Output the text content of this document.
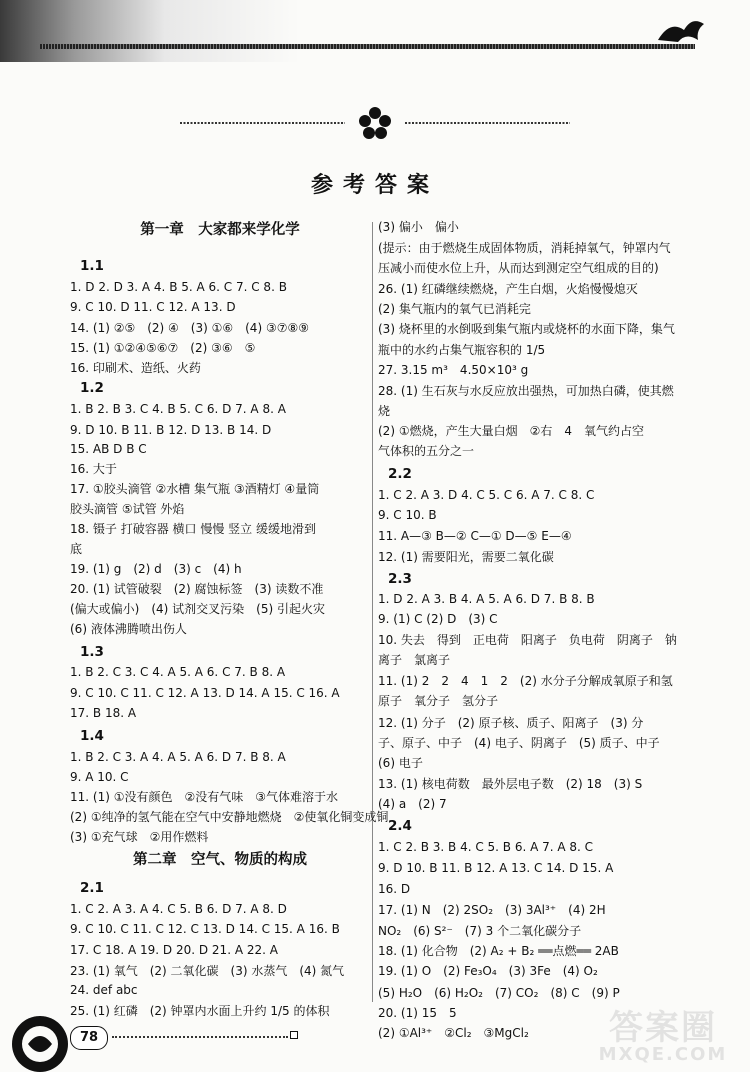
参考答案
第一章　大家都来学化学
1.1
1. D 2. D 3. A 4. B 5. A 6. C 7. C 8. B
9. C 10. D 11. C 12. A 13. D
14. (1) ②⑤　(2) ④　(3) ①⑥　(4) ③⑦⑧⑨
15. (1) ①②④⑤⑥⑦　(2) ③⑥　⑤
16. 印刷术、造纸、火药
1.2
1. B 2. B 3. C 4. B 5. C 6. D 7. A 8. A
9. D 10. B 11. B 12. D 13. B 14. D
15. AB D B C
16. 大于
17. ①胶头滴管 ②水槽 集气瓶 ③酒精灯 ④量筒
胶头滴管 ⑤试管 外焰
18. 镊子 打破容器 横口 慢慢 竖立 缓缓地滑到
底
19. (1) g　(2) d　(3) c　(4) h
20. (1) 试管破裂　(2) 腐蚀标签　(3) 读数不准
(偏大或偏小)　(4) 试剂交叉污染　(5) 引起火灾
(6) 液体沸腾喷出伤人
1.3
1. B 2. C 3. C 4. A 5. A 6. C 7. B 8. A
9. C 10. C 11. C 12. A 13. D 14. A 15. C 16. A
17. B 18. A
1.4
1. B 2. C 3. A 4. A 5. A 6. D 7. B 8. A
9. A 10. C
11. (1) ①没有颜色　②没有气味　③气体难溶于水
(2) ①纯净的氢气能在空气中安静地燃烧　②使氧化铜变成铜
(3) ①充气球　②用作燃料
第二章　空气、物质的构成
2.1
1. C 2. A 3. A 4. C 5. B 6. D 7. A 8. D
9. C 10. C 11. C 12. C 13. D 14. C 15. A 16. B
17. C 18. A 19. D 20. D 21. A 22. A
23. (1) 氧气　(2) 二氧化碳　(3) 水蒸气　(4) 氮气
24. def abc
25. (1) 红磷　(2) 钟罩内水面上升约 1/5 的体积
(3) 偏小　偏小
(提示：由于燃烧生成固体物质，消耗掉氧气，钟罩内气
压减小而使水位上升，从而达到测定空气组成的目的)
26. (1) 红磷继续燃烧，产生白烟，火焰慢慢熄灭
(2) 集气瓶内的氧气已消耗完
(3) 烧杯里的水倒吸到集气瓶内或烧杯的水面下降，集气
瓶中的水约占集气瓶容积的 1/5
27. 3.15 m³　4.50×10³ g
28. (1) 生石灰与水反应放出强热，可加热白磷，使其燃
烧
(2) ①燃烧，产生大量白烟　②右　4　氧气约占空
气体积的五分之一
2.2
1. C 2. A 3. D 4. C 5. C 6. A 7. C 8. C
9. C 10. B
11. A—③ B—② C—① D—⑤ E—④
12. (1) 需要阳光，需要二氧化碳
2.3
1. D 2. A 3. B 4. A 5. A 6. D 7. B 8. B
9. (1) C (2) D　(3) C
10. 失去　得到　正电荷　阳离子　负电荷　阴离子　钠
离子　氯离子
11. (1) 2　2　4　1　2　(2) 水分子分解成氧原子和氢
原子　氧分子　氢分子
12. (1) 分子　(2) 原子核、质子、阳离子　(3) 分
子、原子、中子　(4) 电子、阴离子　(5) 质子、中子
(6) 电子
13. (1) 核电荷数　最外层电子数　(2) 18　(3) S
(4) a　(2) 7
2.4
1. C 2. B 3. B 4. C 5. B 6. A 7. A 8. C
9. D 10. B 11. B 12. A 13. C 14. D 15. A
16. D
17. (1) N　(2) 2SO₂　(3) 3Al³⁺　(4) 2H
NO₂　(6) S²⁻　(7) 3 个二氧化碳分子
18. (1) 化合物　(2) A₂ + B₂ ══点燃══ 2AB
19. (1) O　(2) Fe₃O₄　(3) 3Fe　(4) O₂
(5) H₂O　(6) H₂O₂　(7) CO₂　(8) C　(9) P
20. (1) 15　5
(2) ①Al³⁺　②Cl₂　③MgCl₂
78	答案圈
MXQE.COM
